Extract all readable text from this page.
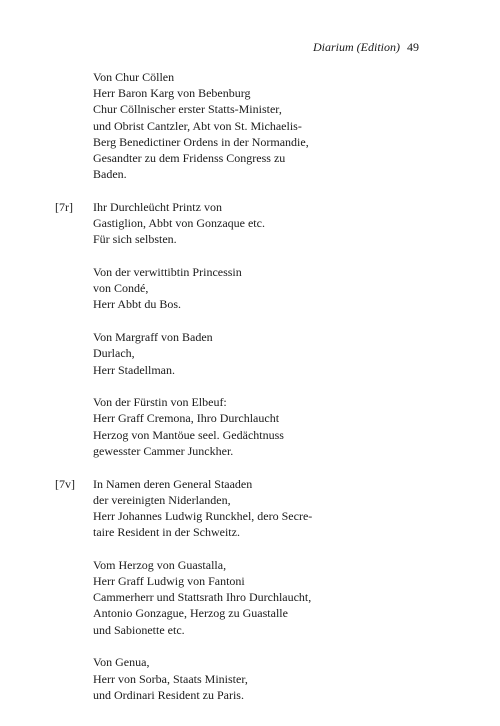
Diarium (Edition) 49
Von Chur Cöllen
Herr Baron Karg von Bebenburg
Chur Cöllnischer erster Statts-Minister,
und Obrist Cantzler, Abt von St. Michaelis-
Berg Benedictiner Ordens in der Normandie,
Gesandter zu dem Fridenss Congress zu
Baden.
[7r] Ihr Durchleücht Printz von
Gastiglion, Abbt von Gonzaque etc.
Für sich selbsten.
Von der verwittibtin Princessin
von Condé,
Herr Abbt du Bos.
Von Margraff von Baden
Durlach,
Herr Stadellman.
Von der Fürstin von Elbeuf:
Herr Graff Cremona, Ihro Durchlaucht
Herzog von Mantöue seel. Gedächtnuss
gewesster Cammer Junckher.
[7v] In Namen deren General Staaden
der vereinigten Niderlanden,
Herr Johannes Ludwig Runckhel, dero Secre-
taire Resident in der Schweitz.
Vom Herzog von Guastalla,
Herr Graff Ludwig von Fantoni
Cammerherr und Stattsrath Ihro Durchlaucht,
Antonio Gonzague, Herzog zu Guastalle
und Sabionette etc.
Von Genua,
Herr von Sorba, Staats Minister,
und Ordinari Resident zu Paris.
